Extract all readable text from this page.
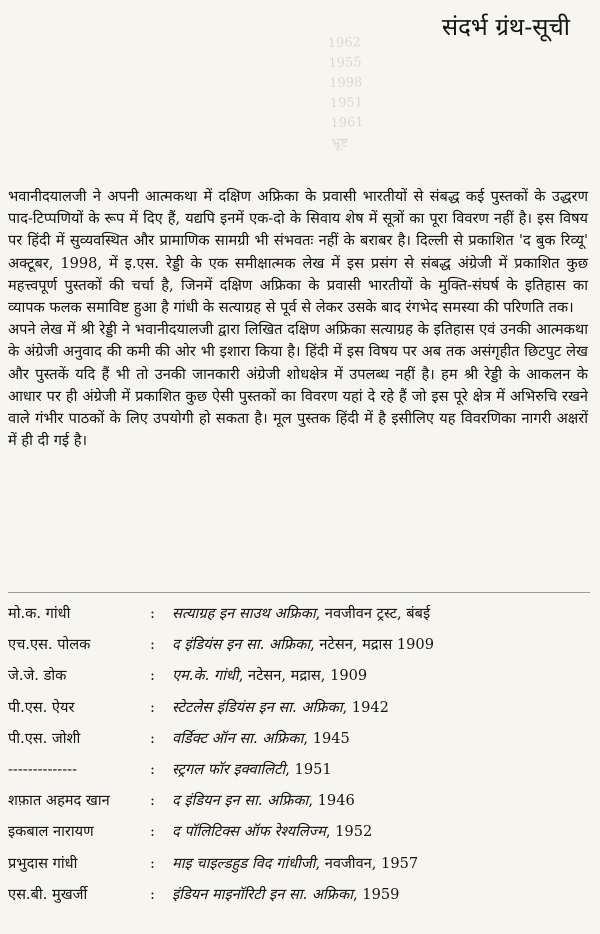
1962
1955
1998
1951
1961
भ्रूष्ट
संदर्भ ग्रंथ-सूची

भवानीदयालजी ने अपनी आत्मकथा में दक्षिण अफ्रिका के प्रवासी भारतीयों से संबद्ध कई पुस्तकों के उद्धरण पाद-टिप्पणियों के रूप में दिए हैं, यद्यपि इनमें एक-दो के सिवाय शेष में सूत्रों का पूरा विवरण नहीं है। इस विषय पर हिंदी में सुव्यवस्थित और प्रामाणिक सामग्री भी संभवतः नहीं के बराबर है। दिल्ली से प्रकाशित 'द बुक रिव्यू' अक्टूबर, 1998, में इ.एस. रेड्डी के एक समीक्षात्मक लेख में इस प्रसंग से संबद्ध अंग्रेजी में प्रकाशित कुछ महत्त्वपूर्ण पुस्तकों की चर्चा है, जिनमें दक्षिण अफ्रिका के प्रवासी भारतीयों के मुक्ति-संघर्ष के इतिहास का व्यापक फलक समाविष्ट हुआ है गांधी के सत्याग्रह से पूर्व से लेकर उसके बाद रंगभेद समस्या की परिणति तक।

अपने लेख में श्री रेड्डी ने भवानीदयालजी द्वारा लिखित दक्षिण अफ्रिका सत्याग्रह के इतिहास एवं उनकी आत्मकथा के अंग्रेजी अनुवाद की कमी की ओर भी इशारा किया है। हिंदी में इस विषय पर अब तक असंगृहीत छिटपुट लेख और पुस्तकें यदि हैं भी तो उनकी जानकारी अंग्रेजी शोधक्षेत्र में उपलब्ध नहीं है। हम श्री रेड्डी के आकलन के आधार पर ही अंग्रेजी में प्रकाशित कुछ ऐसी पुस्तकों का विवरण यहां दे रहे हैं जो इस पूरे क्षेत्र में अभिरुचि रखने वाले गंभीर पाठकों के लिए उपयोगी हो सकता है। मूल पुस्तक हिंदी में है इसीलिए यह विवरणिका नागरी अक्षरों में ही दी गई है।

मो.क. गांधी	:	सत्याग्रह इन साउथ अफ्रिका , नवजीवन ट्रस्ट, बंबई
एच.एस. पोलक	:	द इंडियंस इन सा. अफ्रिका , नटेसन, मद्रास 1909
जे.जे. डोक	:	एम.के. गांधी , नटेसन, मद्रास, 1909
पी.एस. ऐयर	:	स्टेटलेस इंडियंस इन सा. अफ्रिका , 1942
पी.एस. जोशी	:	वर्डिक्ट ऑन सा. अफ्रिका , 1945
--------------	:	स्ट्रगल फॉर इक्वालिटी , 1951
शफ़ात अहमद खान	:	द इंडियन इन सा. अफ्रिका , 1946
इकबाल नारायण	:	द पॉलिटिक्स ऑफ रेश्यलिज्म , 1952
प्रभुदास गांधी	:	माइ चाइल्डहुड विद गांधीजी , नवजीवन, 1957
एस.बी. मुखर्जी	:	इंडियन माइनॉरिटी इन सा. अफ्रिका , 1959
